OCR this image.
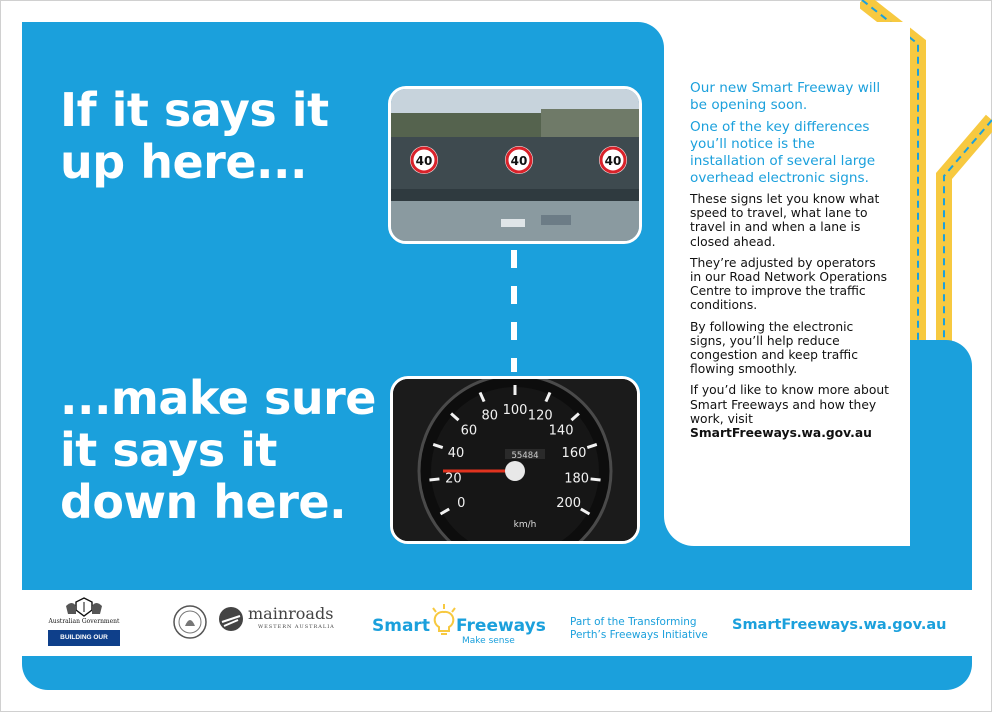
If it says it up here...
...make sure it says it down here.
40	40	40
0
20
40
60
80 100 120
140
160
180
200
55484
km/h

Our new Smart Freeway will be opening soon.

One of the key differences you’ll notice is the installation of several large overhead electronic signs.

These signs let you know what speed to travel, what lane to travel in and when a lane is closed ahead.

They’re adjusted by operators in our Road Network Operations Centre to improve the traffic conditions.

By following the electronic signs, you’ll help reduce congestion and keep traffic flowing smoothly.

If you’d like to know more about Smart Freeways and how they work, visit SmartFreeways.wa.gov.au

Australian Government
BUILDING OUR FUTURE
mainroads
WESTERN AUSTRALIA Smart Freeways
Make sense
Part of the Transforming Perth’s Freeways Initiative
SmartFreeways.wa.gov.au
